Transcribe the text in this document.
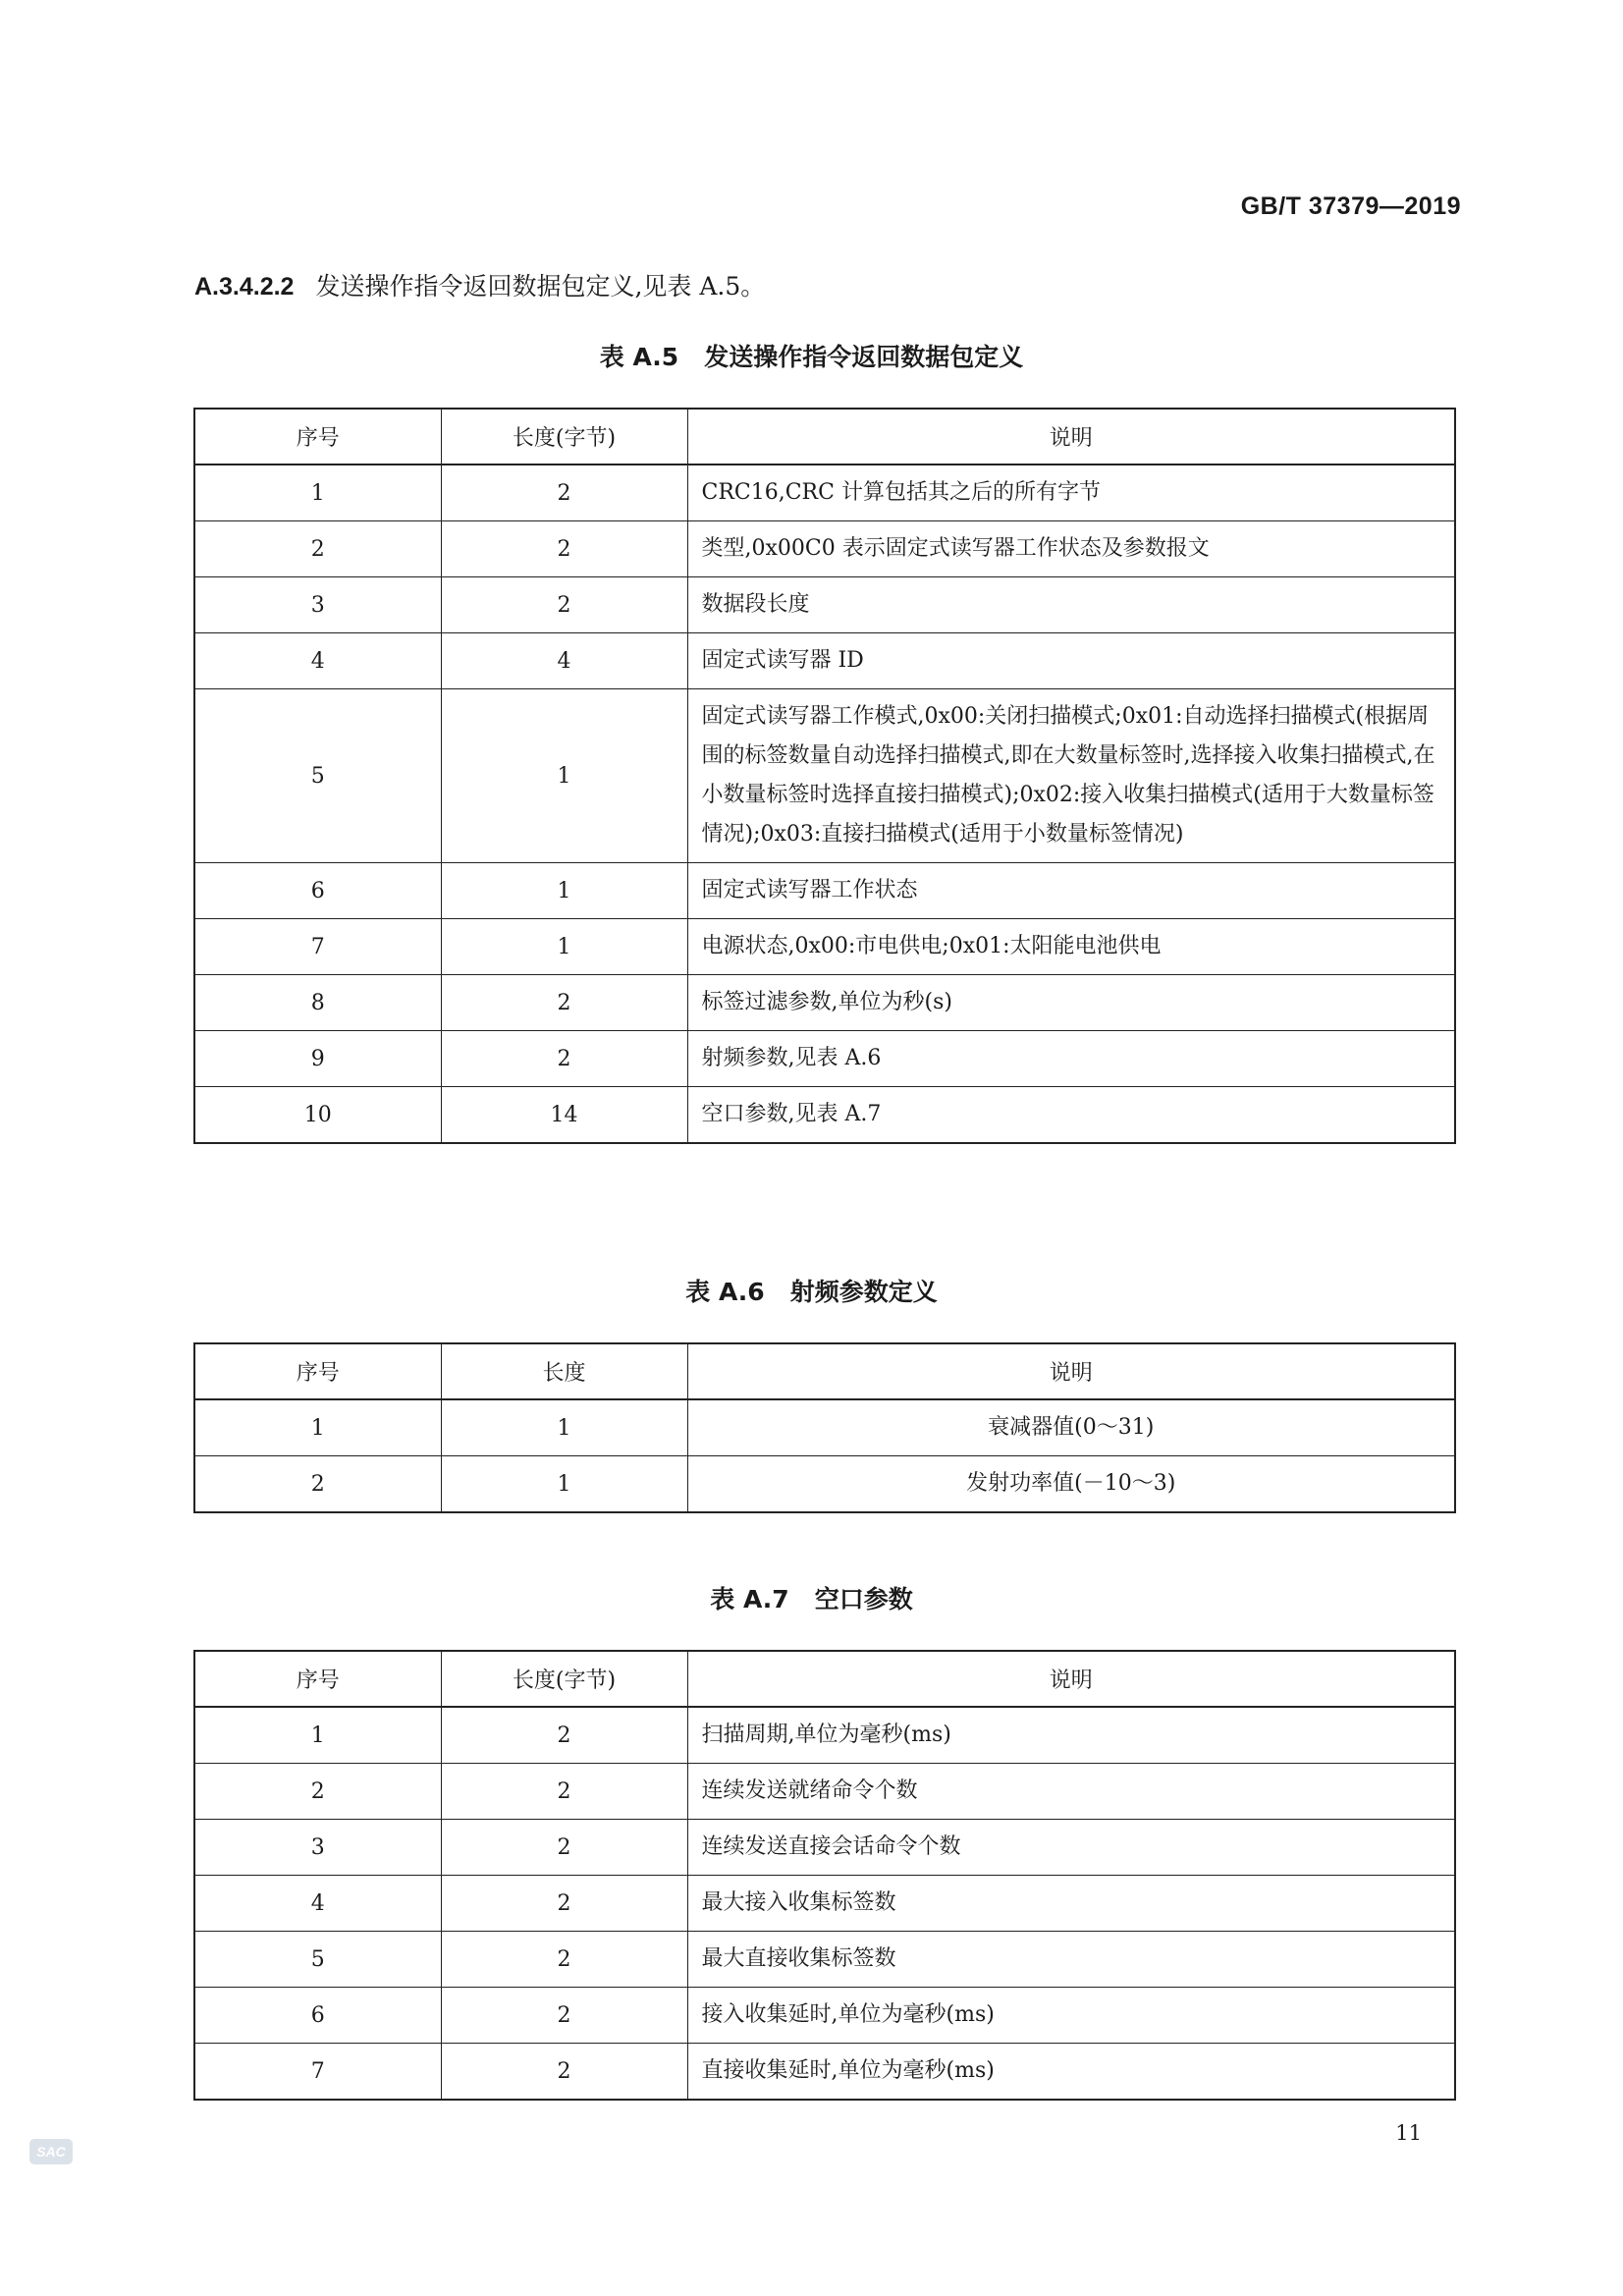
GB/T 37379—2019
A.3.4.2.2 发送操作指令返回数据包定义,见表 A.5。
表 A.5 发送操作指令返回数据包定义
序号	长度(字节)	说明
1	2	CRC16,CRC 计算包括其之后的所有字节
2	2	类型,0x00C0 表示固定式读写器工作状态及参数报文
3	2	数据段长度
4	4	固定式读写器 ID
5	1	固定式读写器工作模式,0x00:关闭扫描模式;0x01:自动选择扫描模式(根据周围的标签数量自动选择扫描模式,即在大数量标签时,选择接入收集扫描模式,在小数量标签时选择直接扫描模式);0x02:接入收集扫描模式(适用于大数量标签情况);0x03:直接扫描模式(适用于小数量标签情况)
6	1	固定式读写器工作状态
7	1	电源状态,0x00:市电供电;0x01:太阳能电池供电
8	2	标签过滤参数,单位为秒(s)
9	2	射频参数,见表 A.6
10	14	空口参数,见表 A.7
表 A.6 射频参数定义
序号	长度	说明
1	1	衰减器值(0～31)
2	1	发射功率值(－10～3)
表 A.7 空口参数
序号	长度(字节)	说明
1	2	扫描周期,单位为毫秒(ms)
2	2	连续发送就绪命令个数
3	2	连续发送直接会话命令个数
4	2	最大接入收集标签数
5	2	最大直接收集标签数
6	2	接入收集延时,单位为毫秒(ms)
7	2	直接收集延时,单位为毫秒(ms)
11
SAC
